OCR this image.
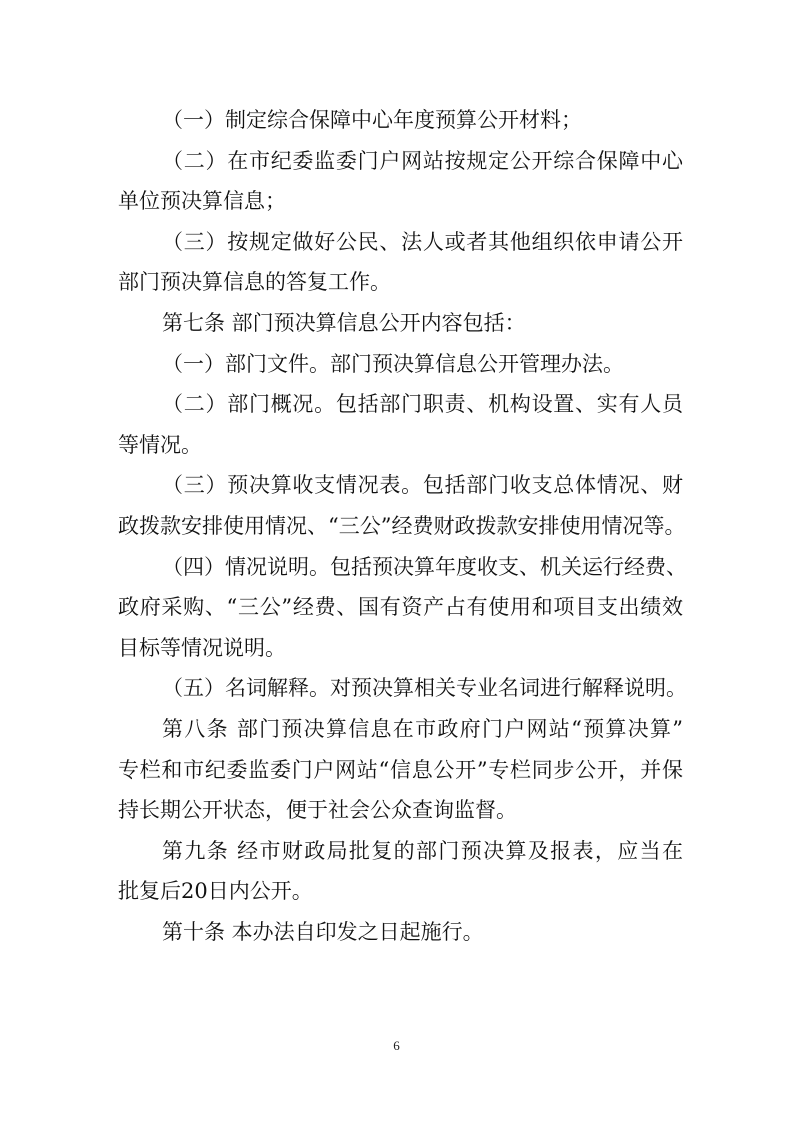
（一）制定综合保障中心年度预算公开材料；
（二）在市纪委监委门户网站按规定公开综合保障中心
单位预决算信息；
（三）按规定做好公民、法人或者其他组织依申请公开
部门预决算信息的答复工作。
第七条 部门预决算信息公开内容包括：
（一）部门文件。部门预决算信息公开管理办法。
（二）部门概况。包括部门职责、机构设置、实有人员
等情况。
（三）预决算收支情况表。包括部门收支总体情况、财
政拨款安排使用情况、“三公”经费财政拨款安排使用情况等。
（四）情况说明。包括预决算年度收支、机关运行经费、
政府采购、“三公”经费、国有资产占有使用和项目支出绩效
目标等情况说明。
（五）名词解释。对预决算相关专业名词进行解释说明。
第八条 部门预决算信息在市政府门户网站“预算决算”
专栏和市纪委监委门户网站“信息公开”专栏同步公开，并保
持长期公开状态，便于社会公众查询监督。
第九条 经市财政局批复的部门预决算及报表，应当在
批复后20日内公开。
第十条 本办法自印发之日起施行。
6
